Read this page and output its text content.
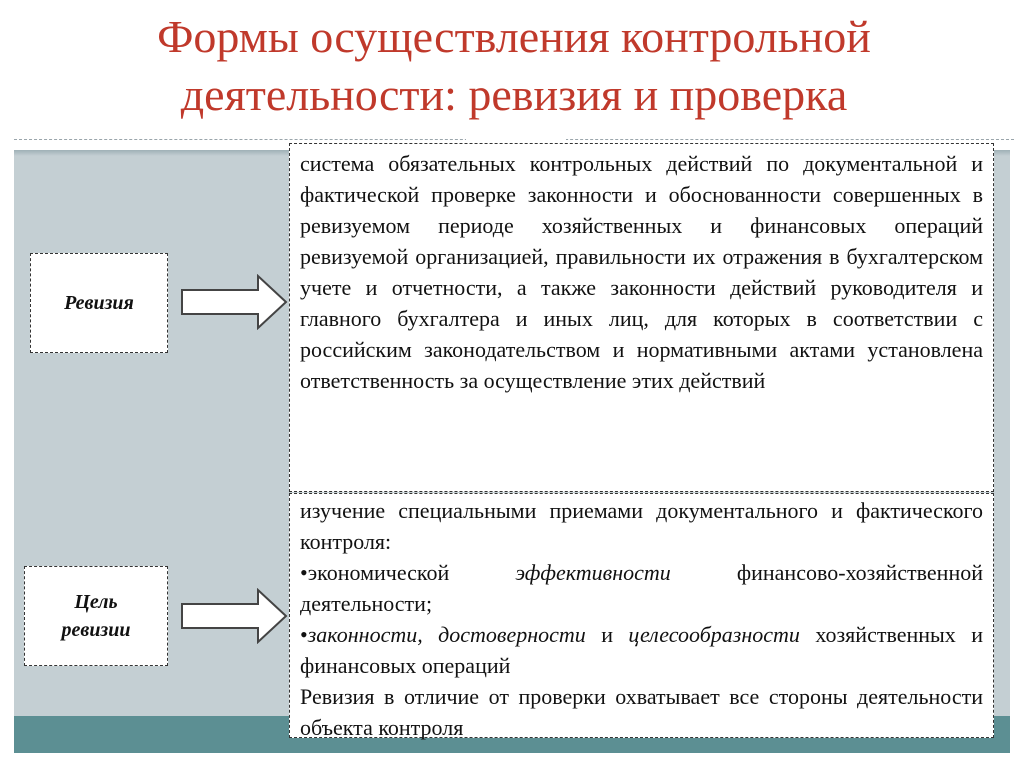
Формы осуществления контрольной
деятельности: ревизия и проверка
Ревизия

система обязательных контрольных действий по документальной и фактической проверке законности и обоснованности совершенных в ревизуемом периоде хозяйственных и финансовых операций ревизуемой организацией, правильности их отражения в бухгалтерском учете и отчетности, а также законности действий руководителя и главного бухгалтера и иных лиц, для которых в соответствии с российским законодательством и нормативными актами установлена ответственность за осуществление этих действий

Цель
ревизии

изучение специальными приемами документального и фактического контроля:

•экономической эффективности финансово-хозяйственной деятельности;

•законности, достоверности и целесообразности хозяйственных и финансовых операций

Ревизия в отличие от проверки охватывает все стороны деятельности объекта контроля
